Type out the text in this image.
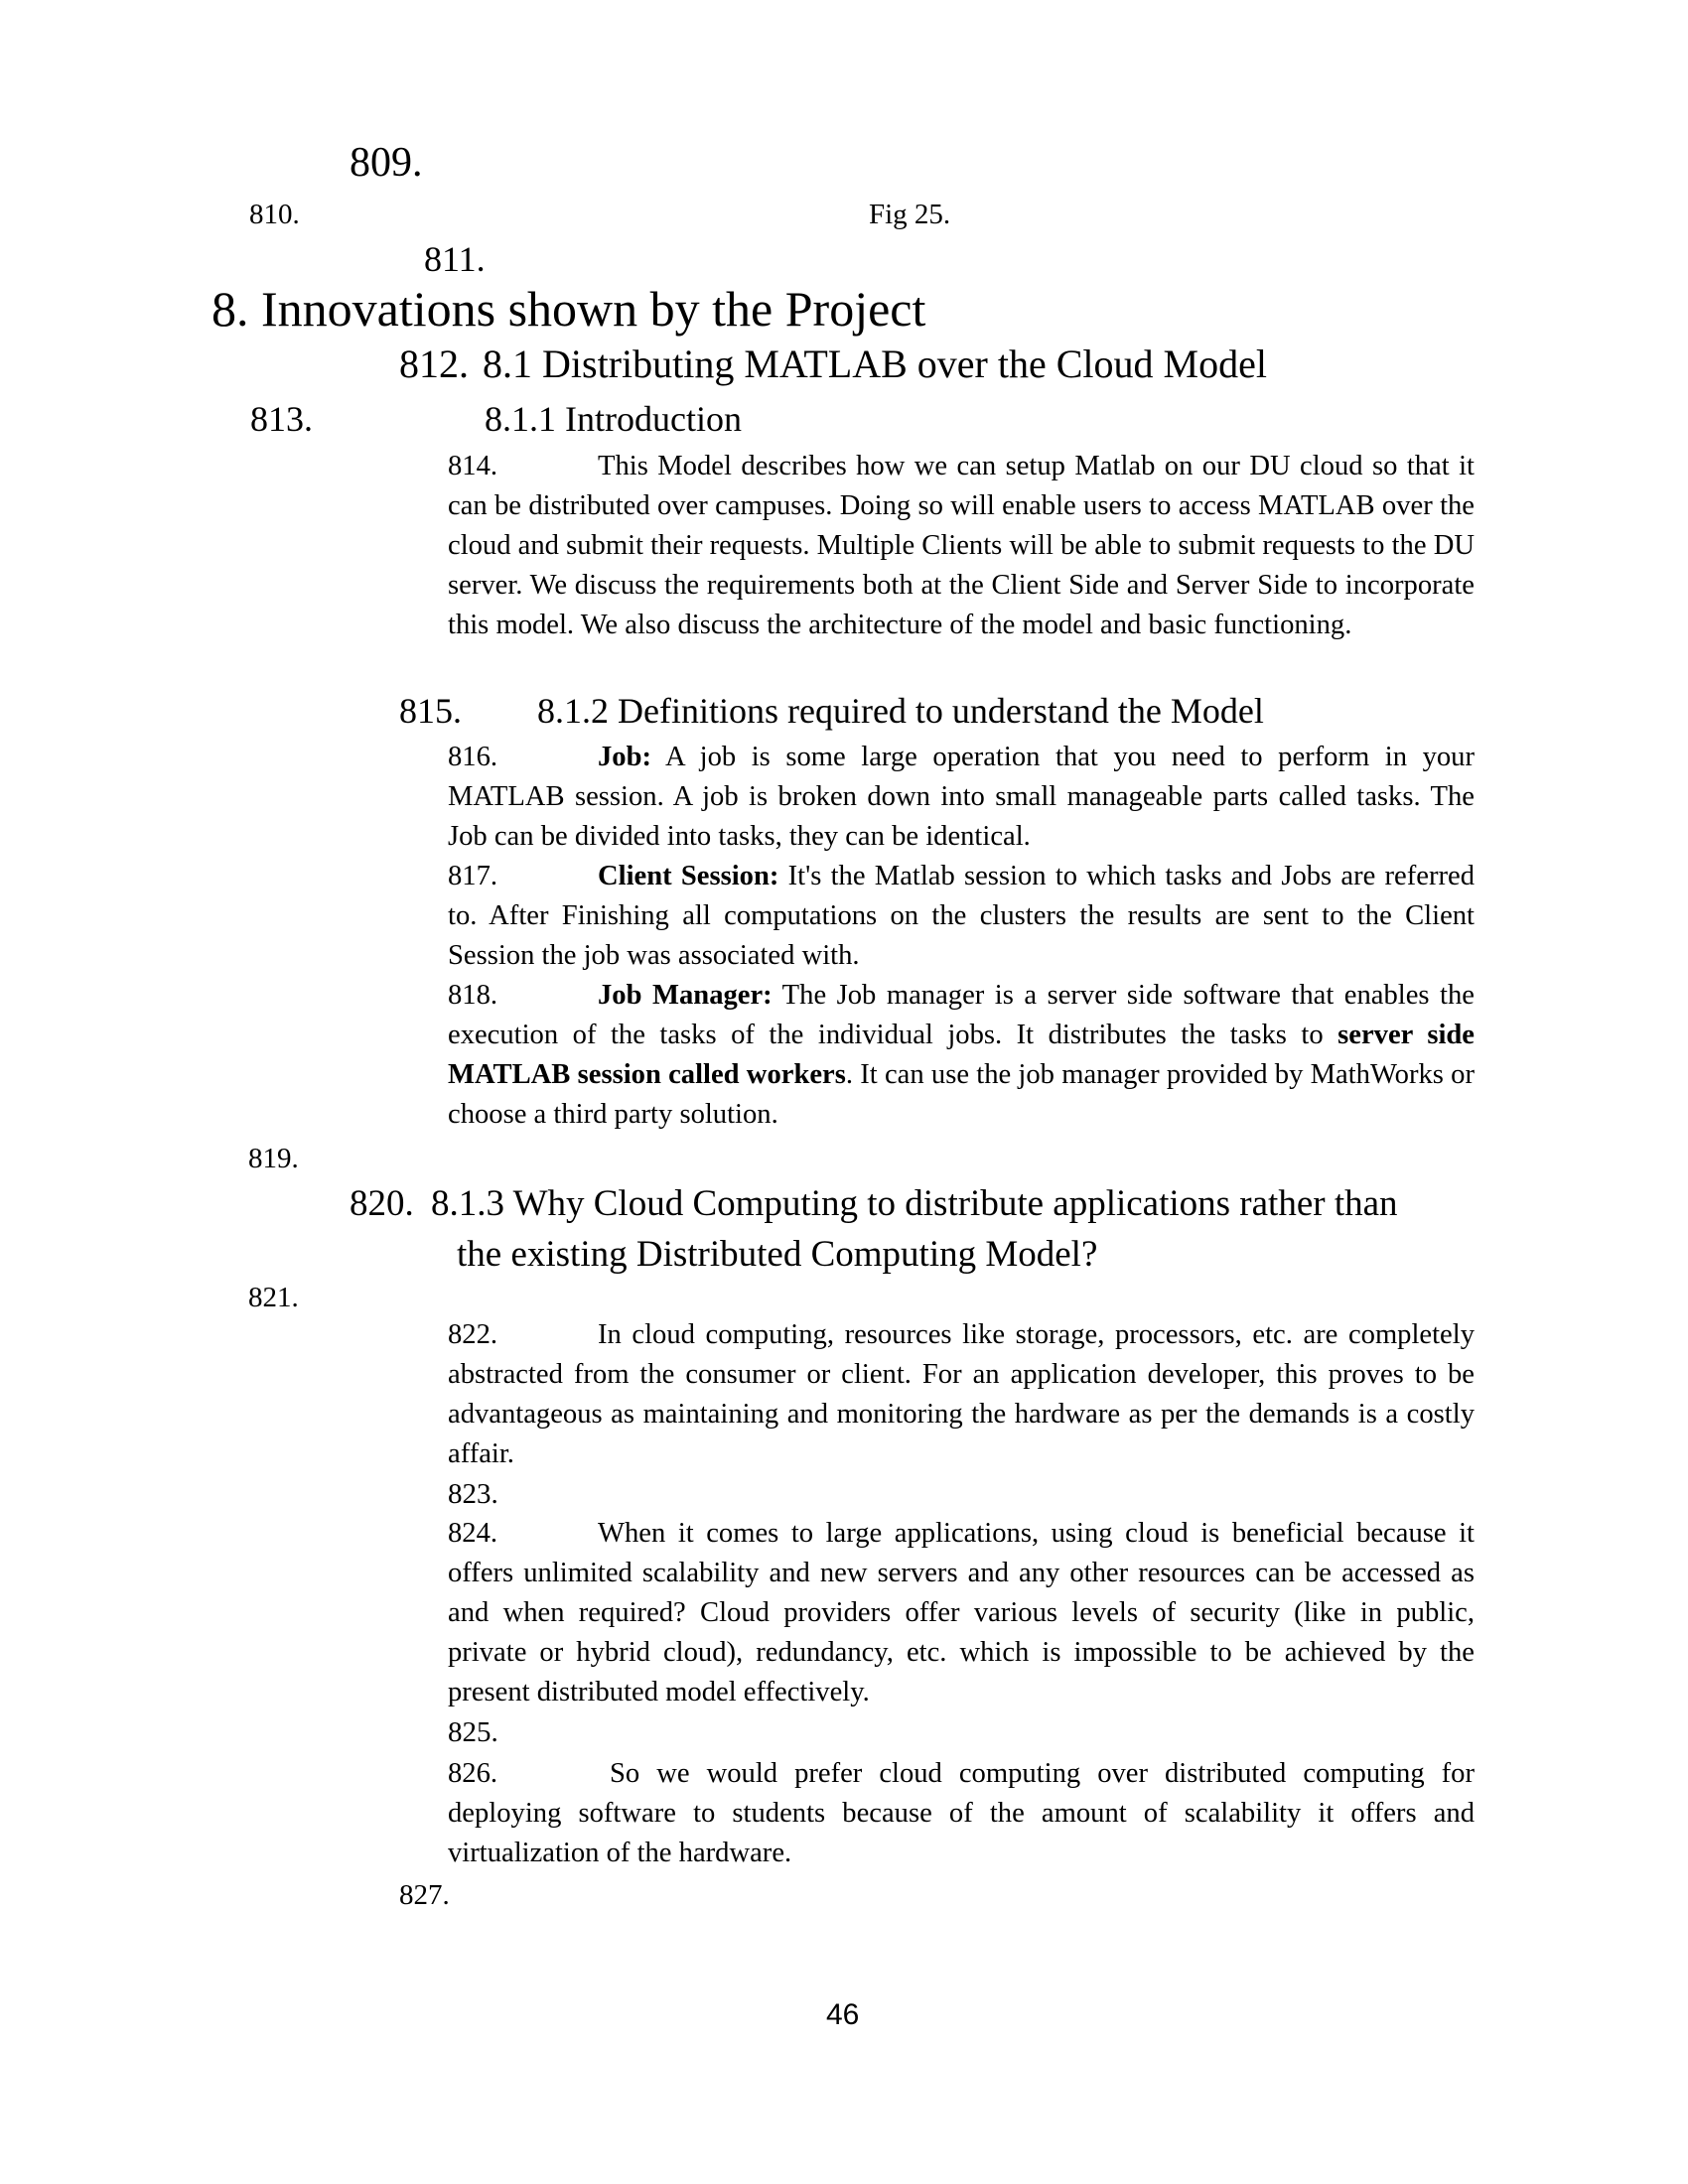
809.
810.	Fig 25.
811.
8. Innovations shown by the Project
812. 8.1 Distributing MATLAB over the Cloud Model
813.	8.1.1 Introduction
814.	This Model describes how we can setup Matlab on our DU cloud so that it can be distributed over campuses. Doing so will enable users to access MATLAB over the cloud and submit their requests. Multiple Clients will be able to submit requests to the DU server. We discuss the requirements both at the Client Side and Server Side to incorporate this model. We also discuss the architecture of the model and basic functioning.
815. 8.1.2 Definitions required to understand the Model
816.	Job: A job is some large operation that you need to perform in your MATLAB session. A job is broken down into small manageable parts called tasks. The Job can be divided into tasks, they can be identical.
817.	Client Session: It's the Matlab session to which tasks and Jobs are referred to. After Finishing all computations on the clusters the results are sent to the Client Session the job was associated with.
818.	Job Manager: The Job manager is a server side software that enables the execution of the tasks of the individual jobs. It distributes the tasks to server side MATLAB session called workers. It can use the job manager provided by MathWorks or choose a third party solution.
819.
820. 8.1.3 Why Cloud Computing to distribute applications rather than
the existing Distributed Computing Model?
821.
822.	In cloud computing, resources like storage, processors, etc. are completely abstracted from the consumer or client. For an application developer, this proves to be advantageous as maintaining and monitoring the hardware as per the demands is a costly affair.
823.
824.	When it comes to large applications, using cloud is beneficial because it offers unlimited scalability and new servers and any other resources can be accessed as and when required? Cloud providers offer various levels of security (like in public, private or hybrid cloud), redundancy, etc. which is impossible to be achieved by the present distributed model effectively.
825.
826.	So we would prefer cloud computing over distributed computing for deploying software to students because of the amount of scalability it offers and virtualization of the hardware.
827.
46
